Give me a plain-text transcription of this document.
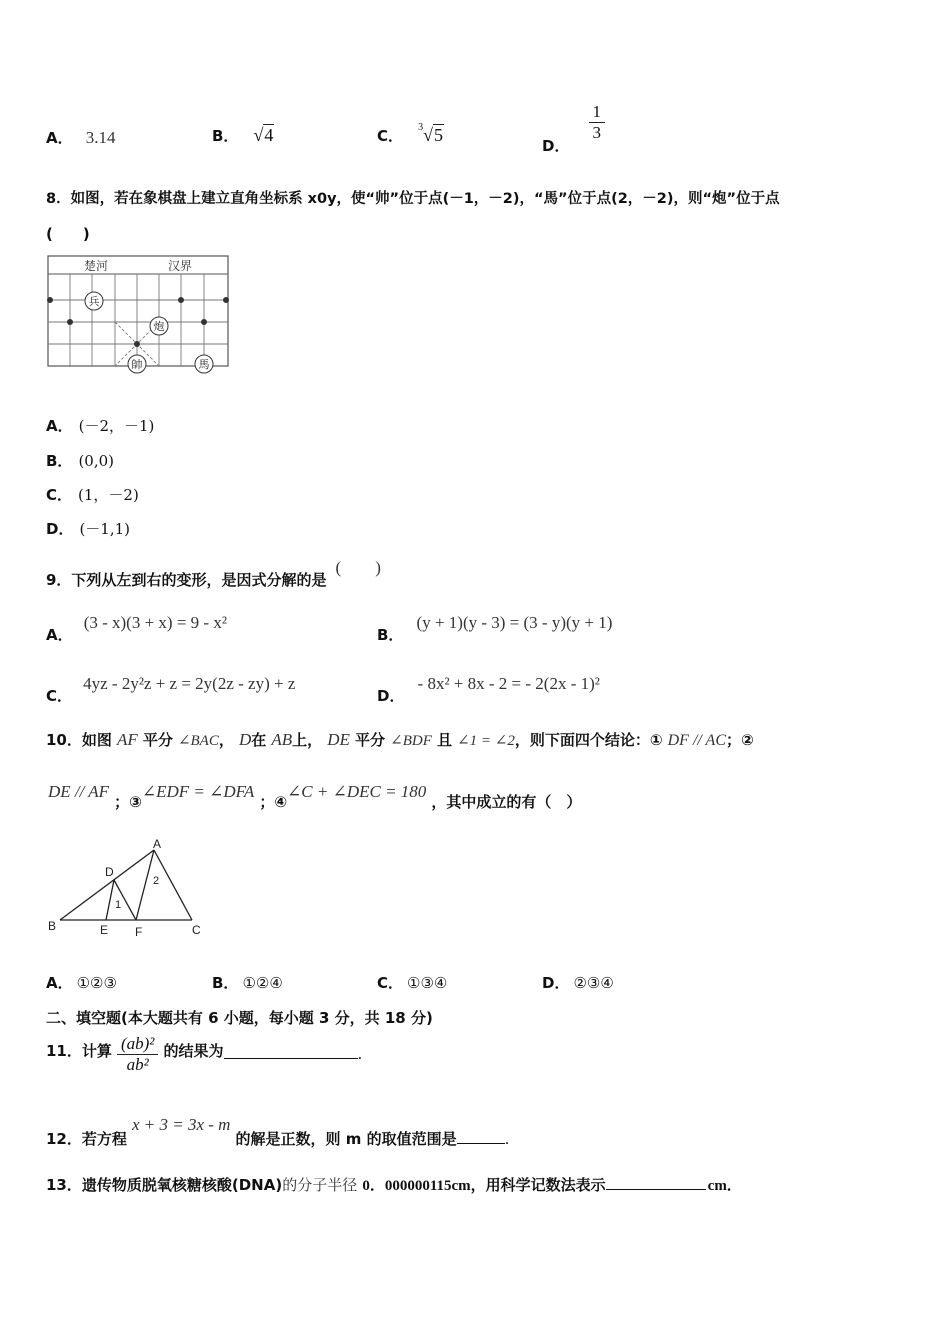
A． 3.14	B． √4	C． $^3$√5
D．
$\frac{1}{3}$
8．如图，若在象棋盘上建立直角坐标系 x0y，使“帅”位于点(－1，－2)，“馬”位于点(2，－2)，则“炮”位于点
(　　)
楚河	汉界
兵
炮
帥	馬
A． (－2，－1)
B． (0,0)
C． (1，－2)
D． (－1,1)
9．下列从左到右的变形，是因式分解的是 (　　)
A． (3 - x)(3 + x) = 9 - x²
B． (y + 1)(y - 3) = (3 - y)(y + 1)
C． 4yz - 2y²z + z = 2y(2z - zy) + z
D． - 8x² + 8x - 2 = - 2(2x - 1)²
10．如图 AF 平分 ∠BAC， D在 AB上， DE 平分 ∠BDF 且 ∠1 = ∠2，则下面四个结论：① DF // AC；②
DE // AF ；③∠EDF = ∠DFA ；④∠C + ∠DEC = 180 ，其中成立的有（　）
A
B	C
D
E F
1
2
A． ①②③	B． ①②④	C． ①③④	D． ②③④
二、填空题(本大题共有 6 小题，每小题 3 分，共 18 分)
11．计算 $\frac{\text{(ab)²}}{\text{ab²}}$ 的结果为	.
12．若方程 x + 3 = 3x - m 的解是正数，则 m 的取值范围是	.
13．遗传物质脱氧核糖核酸(DNA)的分子半径 0．000000115cm，用科学记数法表示	cm．
